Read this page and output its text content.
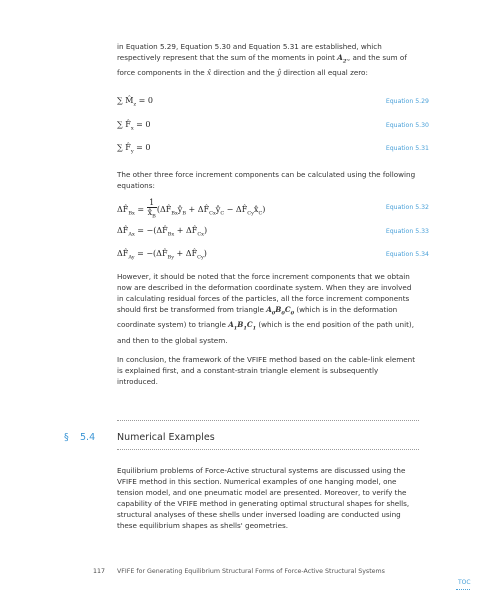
in Equation 5.29, Equation 5.30 and Equation 5.31 are established, which respectively represent that the sum of the moments in point $A_{2'}$, and the sum of force components in the x̂ direction and the ŷ direction all equal zero:

∑ $M̂_z = 0$	Equation 5.29
∑ $F̂_x = 0$	Equation 5.30
∑ $F̂_y = 0$	Equation 5.31

The other three force increment components can be calculated using the following equations:

$\Delta F̂_{Bx} = \frac{1}{x̂_B}$ ($\Delta F̂_{Bx}ŷ_B$ + $\Delta F̂_{Cx}ŷ_C$ − $\Delta F̂_{Cy}x̂_C$)	Equation 5.32
$\Delta F̂_{Ax}$ = $-(\Delta F̂_{Bx}$ + $\Delta F̂_{Cx}$)	Equation 5.33
$\Delta F̂_{Ay}$ = $-(\Delta F̂_{By}$ + $\Delta F̂_{Cy}$)	Equation 5.34

However, it should be noted that the force increment components that we obtain now are described in the deformation coordinate system. When they are involved in calculating residual forces of the particles, all the force increment components should first be transformed from triangle $A_0B_0C_0$ (which is in the deformation coordinate system) to triangle $A_1B_1C_1$ (which is the end position of the path unit), and then to the global system.

In conclusion, the framework of the VFIFE method based on the cable-link element is explained first, and a constant-strain triangle element is subsequently introduced.

§ 5.4 Numerical Examples

Equilibrium problems of Force-Active structural systems are discussed using the VFIFE method in this section. Numerical examples of one hanging model, one tension model, and one pneumatic model are presented. Moreover, to verify the capability of the VFIFE method in generating optimal structural shapes for shells, structural analyses of these shells under inversed loading are conducted using these equilibrium shapes as shells' geometries.

117 VFIFE for Generating Equilibrium Structural Forms of Force-Active Structural Systems
TOC
